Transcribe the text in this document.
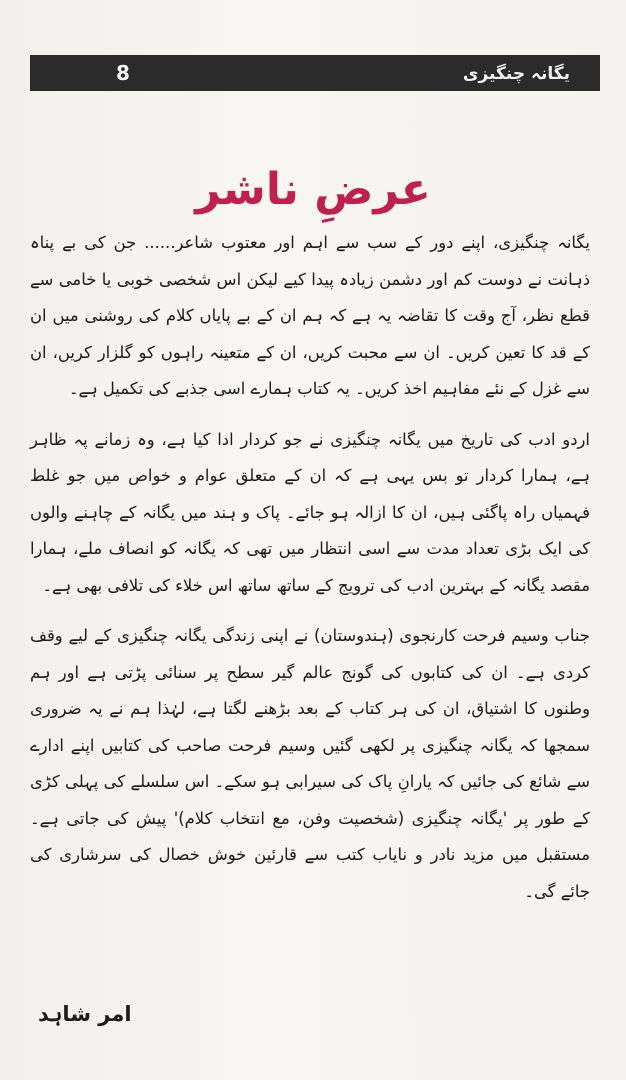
8	یگانہ چنگیزی
عرضِ ناشر

یگانہ چنگیزی، اپنے دور کے سب سے اہم اور معتوب شاعر...... جن کی بے پناہ ذہانت نے دوست کم اور دشمن زیادہ پیدا کیے لیکن اس شخصی خوبی یا خامی سے قطع نظر، آج وقت کا تقاضہ یہ ہے کہ ہم ان کے بے پایاں کلام کی روشنی میں ان کے قد کا تعین کریں۔ ان سے محبت کریں، ان کے متعینہ راہوں کو گلزار کریں، ان سے غزل کے نئے مفاہیم اخذ کریں۔ یہ کتاب ہمارے اسی جذبے کی تکمیل ہے۔

اردو ادب کی تاریخ میں یگانہ چنگیزی نے جو کردار ادا کیا ہے، وہ زمانے پہ ظاہر ہے، ہمارا کردار تو بس یہی ہے کہ ان کے متعلق عوام و خواص میں جو غلط فہمیاں راہ پاگئی ہیں، ان کا ازالہ ہو جائے۔ پاک و ہند میں یگانہ کے چاہنے والوں کی ایک بڑی تعداد مدت سے اسی انتظار میں تھی کہ یگانہ کو انصاف ملے، ہمارا مقصد یگانہ کے بہترین ادب کی ترویج کے ساتھ ساتھ اس خلاء کی تلافی بھی ہے۔

جناب وسیم فرحت کارنجوی (ہندوستان) نے اپنی زندگی یگانہ چنگیزی کے لیے وقف کردی ہے۔ ان کی کتابوں کی گونج عالم گیر سطح پر سنائی پڑتی ہے اور ہم وطنوں کا اشتیاق، ان کی ہر کتاب کے بعد بڑھنے لگتا ہے، لہٰذا ہم نے یہ ضروری سمجھا کہ یگانہ چنگیزی پر لکھی گئیں وسیم فرحت صاحب کی کتابیں اپنے ادارے سے شائع کی جائیں کہ یارانِ پاک کی سیرابی ہو سکے۔ اس سلسلے کی پہلی کڑی کے طور پر 'یگانہ چنگیزی (شخصیت وفن، مع انتخاب کلام)' پیش کی جاتی ہے۔ مستقبل میں مزید نادر و نایاب کتب سے قارئین خوش خصال کی سرشاری کی جائے گی۔

امر شاہد
